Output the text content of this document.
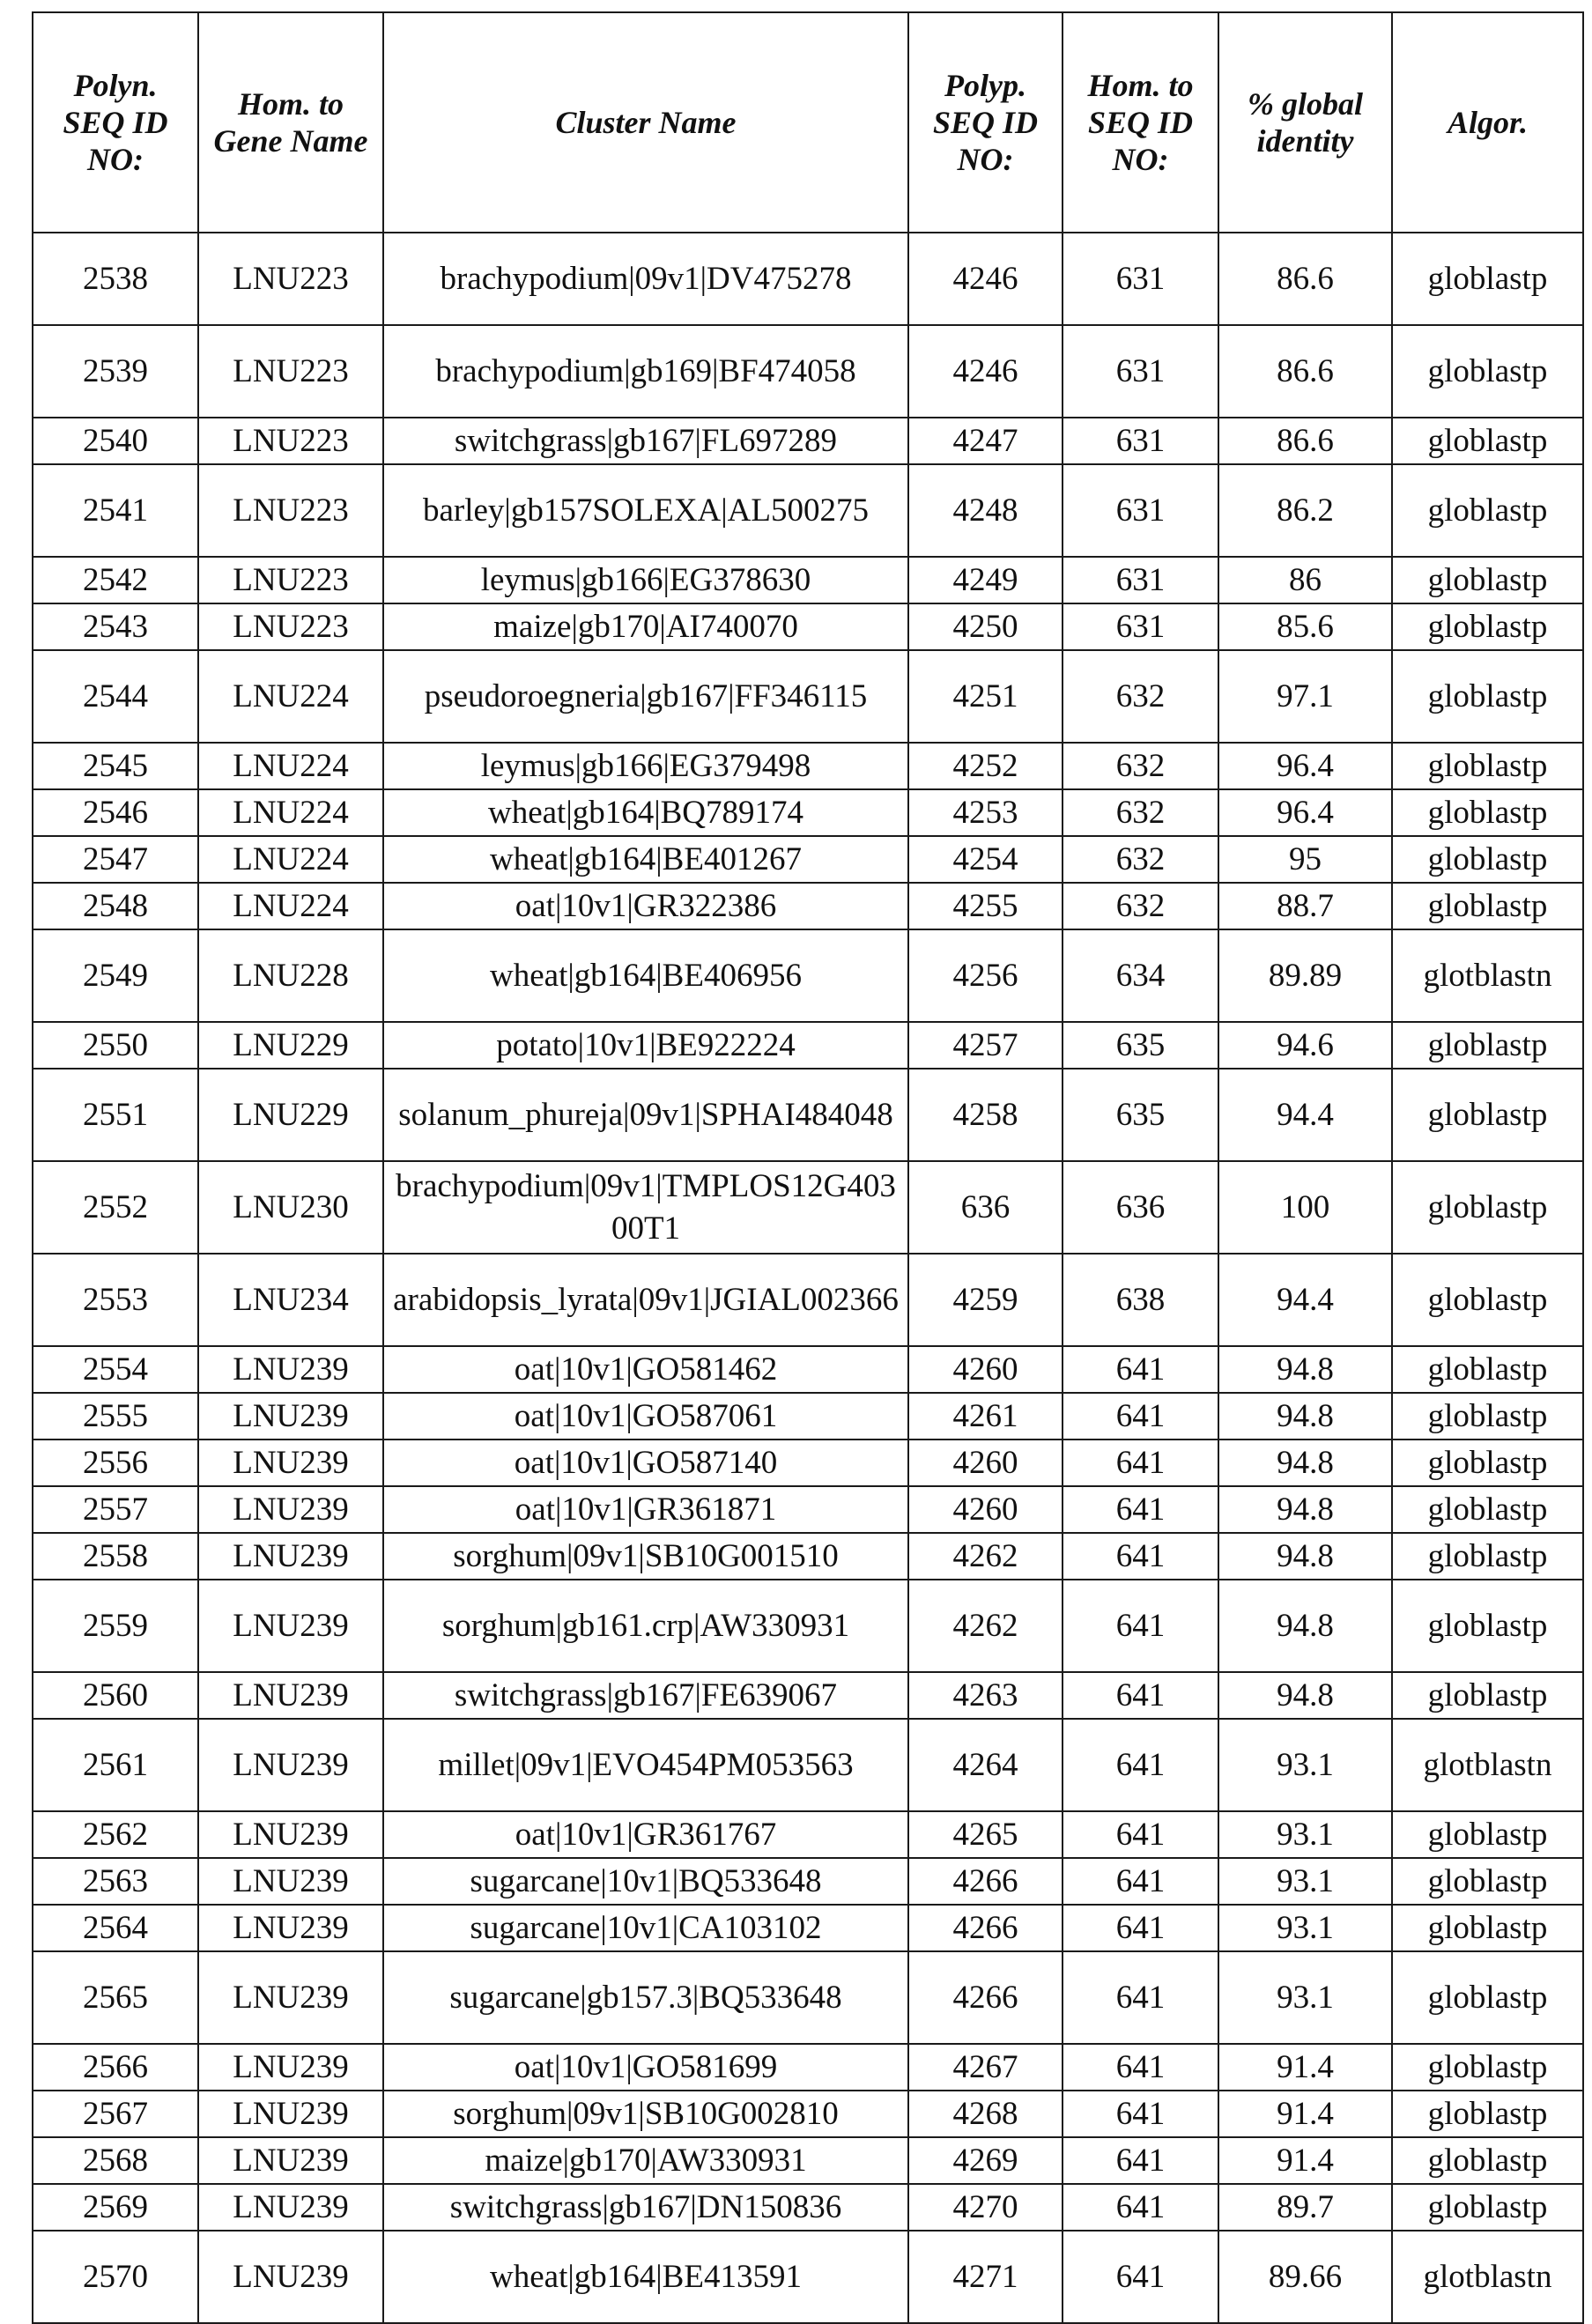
Polyn. SEQ ID NO:	Hom. to Gene Name	Cluster Name	Polyp. SEQ ID NO:	Hom. to SEQ ID NO:	% global identity	Algor.
2538	LNU223	brachypodium|09v1|DV475278	4246	631	86.6	globlastp
2539	LNU223	brachypodium|gb169|BF474058	4246	631	86.6	globlastp
2540	LNU223	switchgrass|gb167|FL697289	4247	631	86.6	globlastp
2541	LNU223	barley|gb157SOLEXA|AL500275	4248	631	86.2	globlastp
2542	LNU223	leymus|gb166|EG378630	4249	631	86	globlastp
2543	LNU223	maize|gb170|AI740070	4250	631	85.6	globlastp
2544	LNU224	pseudoroegneria|gb167|FF346115	4251	632	97.1	globlastp
2545	LNU224	leymus|gb166|EG379498	4252	632	96.4	globlastp
2546	LNU224	wheat|gb164|BQ789174	4253	632	96.4	globlastp
2547	LNU224	wheat|gb164|BE401267	4254	632	95	globlastp
2548	LNU224	oat|10v1|GR322386	4255	632	88.7	globlastp
2549	LNU228	wheat|gb164|BE406956	4256	634	89.89	glotblastn
2550	LNU229	potato|10v1|BE922224	4257	635	94.6	globlastp
2551	LNU229	solanum_phureja|09v1|SPHAI484048	4258	635	94.4	globlastp
2552	LNU230	brachypodium|09v1|TMPLOS12G40300T1	636	636	100	globlastp
2553	LNU234	arabidopsis_lyrata|09v1|JGIAL002366	4259	638	94.4	globlastp
2554	LNU239	oat|10v1|GO581462	4260	641	94.8	globlastp
2555	LNU239	oat|10v1|GO587061	4261	641	94.8	globlastp
2556	LNU239	oat|10v1|GO587140	4260	641	94.8	globlastp
2557	LNU239	oat|10v1|GR361871	4260	641	94.8	globlastp
2558	LNU239	sorghum|09v1|SB10G001510	4262	641	94.8	globlastp
2559	LNU239	sorghum|gb161.crp|AW330931	4262	641	94.8	globlastp
2560	LNU239	switchgrass|gb167|FE639067	4263	641	94.8	globlastp
2561	LNU239	millet|09v1|EVO454PM053563	4264	641	93.1	glotblastn
2562	LNU239	oat|10v1|GR361767	4265	641	93.1	globlastp
2563	LNU239	sugarcane|10v1|BQ533648	4266	641	93.1	globlastp
2564	LNU239	sugarcane|10v1|CA103102	4266	641	93.1	globlastp
2565	LNU239	sugarcane|gb157.3|BQ533648	4266	641	93.1	globlastp
2566	LNU239	oat|10v1|GO581699	4267	641	91.4	globlastp
2567	LNU239	sorghum|09v1|SB10G002810	4268	641	91.4	globlastp
2568	LNU239	maize|gb170|AW330931	4269	641	91.4	globlastp
2569	LNU239	switchgrass|gb167|DN150836	4270	641	89.7	globlastp
2570	LNU239	wheat|gb164|BE413591	4271	641	89.66	glotblastn
